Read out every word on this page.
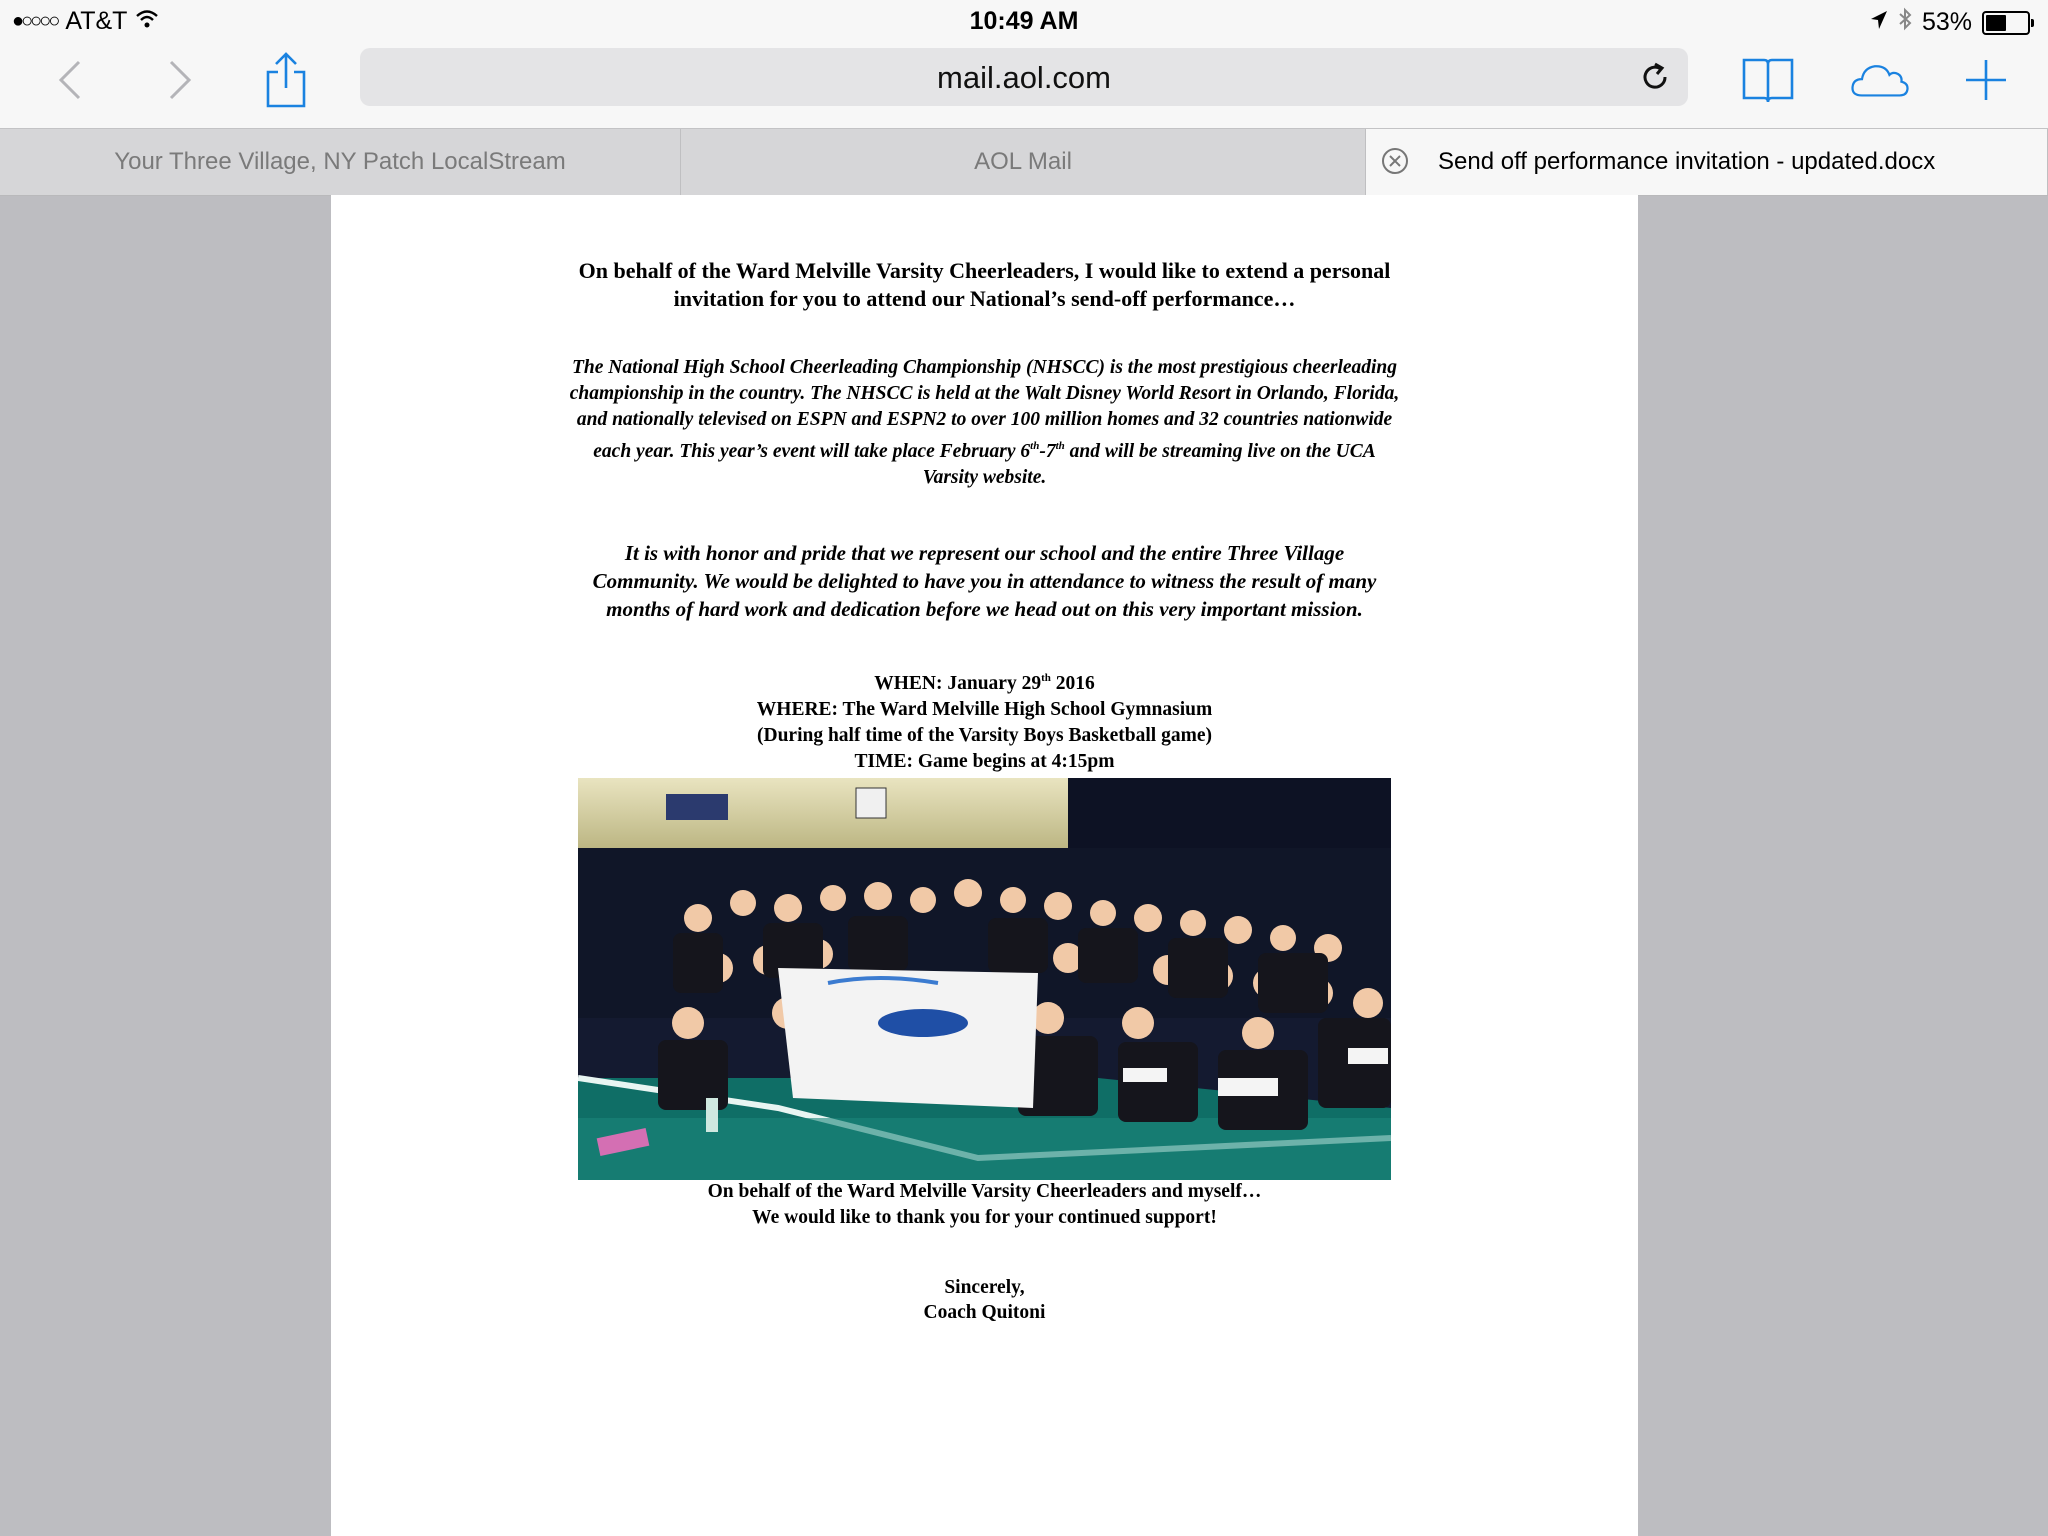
●○○○○ AT&T	10:49 AM	53%
mail.aol.com
Your Three Village, NY Patch LocalStream	AOL Mail	Send off performance invitation - updated.docx
On behalf of the Ward Melville Varsity Cheerleaders, I would like to extend a personal
invitation for you to attend our National’s send-off performance…
The National High School Cheerleading Championship (NHSCC) is the most prestigious cheerleading
championship in the country. The NHSCC is held at the Walt Disney World Resort in Orlando, Florida,
and nationally televised on ESPN and ESPN2 to over 100 million homes and 32 countries nationwide
each year. This year’s event will take place February 6th-7th and will be streaming live on the UCA
Varsity website.
It is with honor and pride that we represent our school and the entire Three Village
Community. We would be delighted to have you in attendance to witness the result of many
months of hard work and dedication before we head out on this very important mission.
WHEN: January 29th 2016
WHERE: The Ward Melville High School Gymnasium
(During half time of the Varsity Boys Basketball game)
TIME: Game begins at 4:15pm
On behalf of the Ward Melville Varsity Cheerleaders and myself…
We would like to thank you for your continued support!
Sincerely,
Coach Quitoni
